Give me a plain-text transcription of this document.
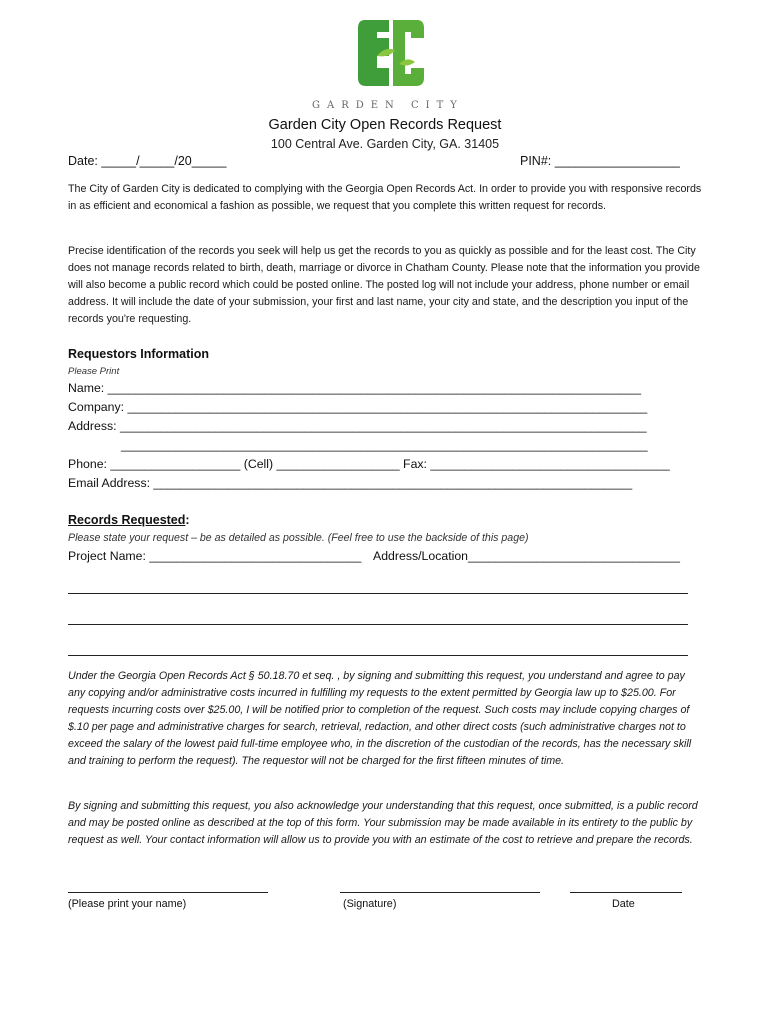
GARDEN CITY
Garden City Open Records Request
100 Central Ave. Garden City, GA. 31405
Date: _____/_____/20_____	PIN#: __________________
The City of Garden City is dedicated to complying with the Georgia Open Records Act. In order to provide you with responsive records in as efficient and economical a fashion as possible, we request that you complete this written request for records.
Precise identification of the records you seek will help us get the records to you as quickly as possible and for the least cost. The City does not manage records related to birth, death, marriage or divorce in Chatham County. Please note that the information you provide will also become a public record which could be posted online. The posted log will not include your address, phone number or email address. It will include the date of your submission, your first and last name, your city and state, and the description you input of the records you're requesting.
Requestors Information
Please Print
Name: ______________________________________________________________________________
Company: ____________________________________________________________________________
Address: _____________________________________________________________________________
_____________________________________________________________________________
Phone: ___________________ (Cell) __________________ Fax: ___________________________________
Email Address: ______________________________________________________________________
Records Requested:
Please state your request – be as detailed as possible. (Feel free to use the backside of this page)
Project Name: _______________________________ Address/Location_______________________________
Under the Georgia Open Records Act § 50.18.70 et seq. , by signing and submitting this request, you understand and agree to pay any copying and/or administrative costs incurred in fulfilling my requests to the extent permitted by Georgia law up to $25.00. For requests incurring costs over $25.00, I will be notified prior to completion of the request. Such costs may include copying charges of $.10 per page and administrative charges for search, retrieval, redaction, and other direct costs (such administrative charges not to exceed the salary of the lowest paid full-time employee who, in the discretion of the custodian of the records, has the necessary skill and training to perform the request). The requestor will not be charged for the first fifteen minutes of time.
By signing and submitting this request, you also acknowledge your understanding that this request, once submitted, is a public record and may be posted online as described at the top of this form. Your submission may be made available in its entirety to the public by request as well. Your contact information will allow us to provide you with an estimate of the cost to retrieve and prepare the records.
(Please print your name)	(Signature)	Date
